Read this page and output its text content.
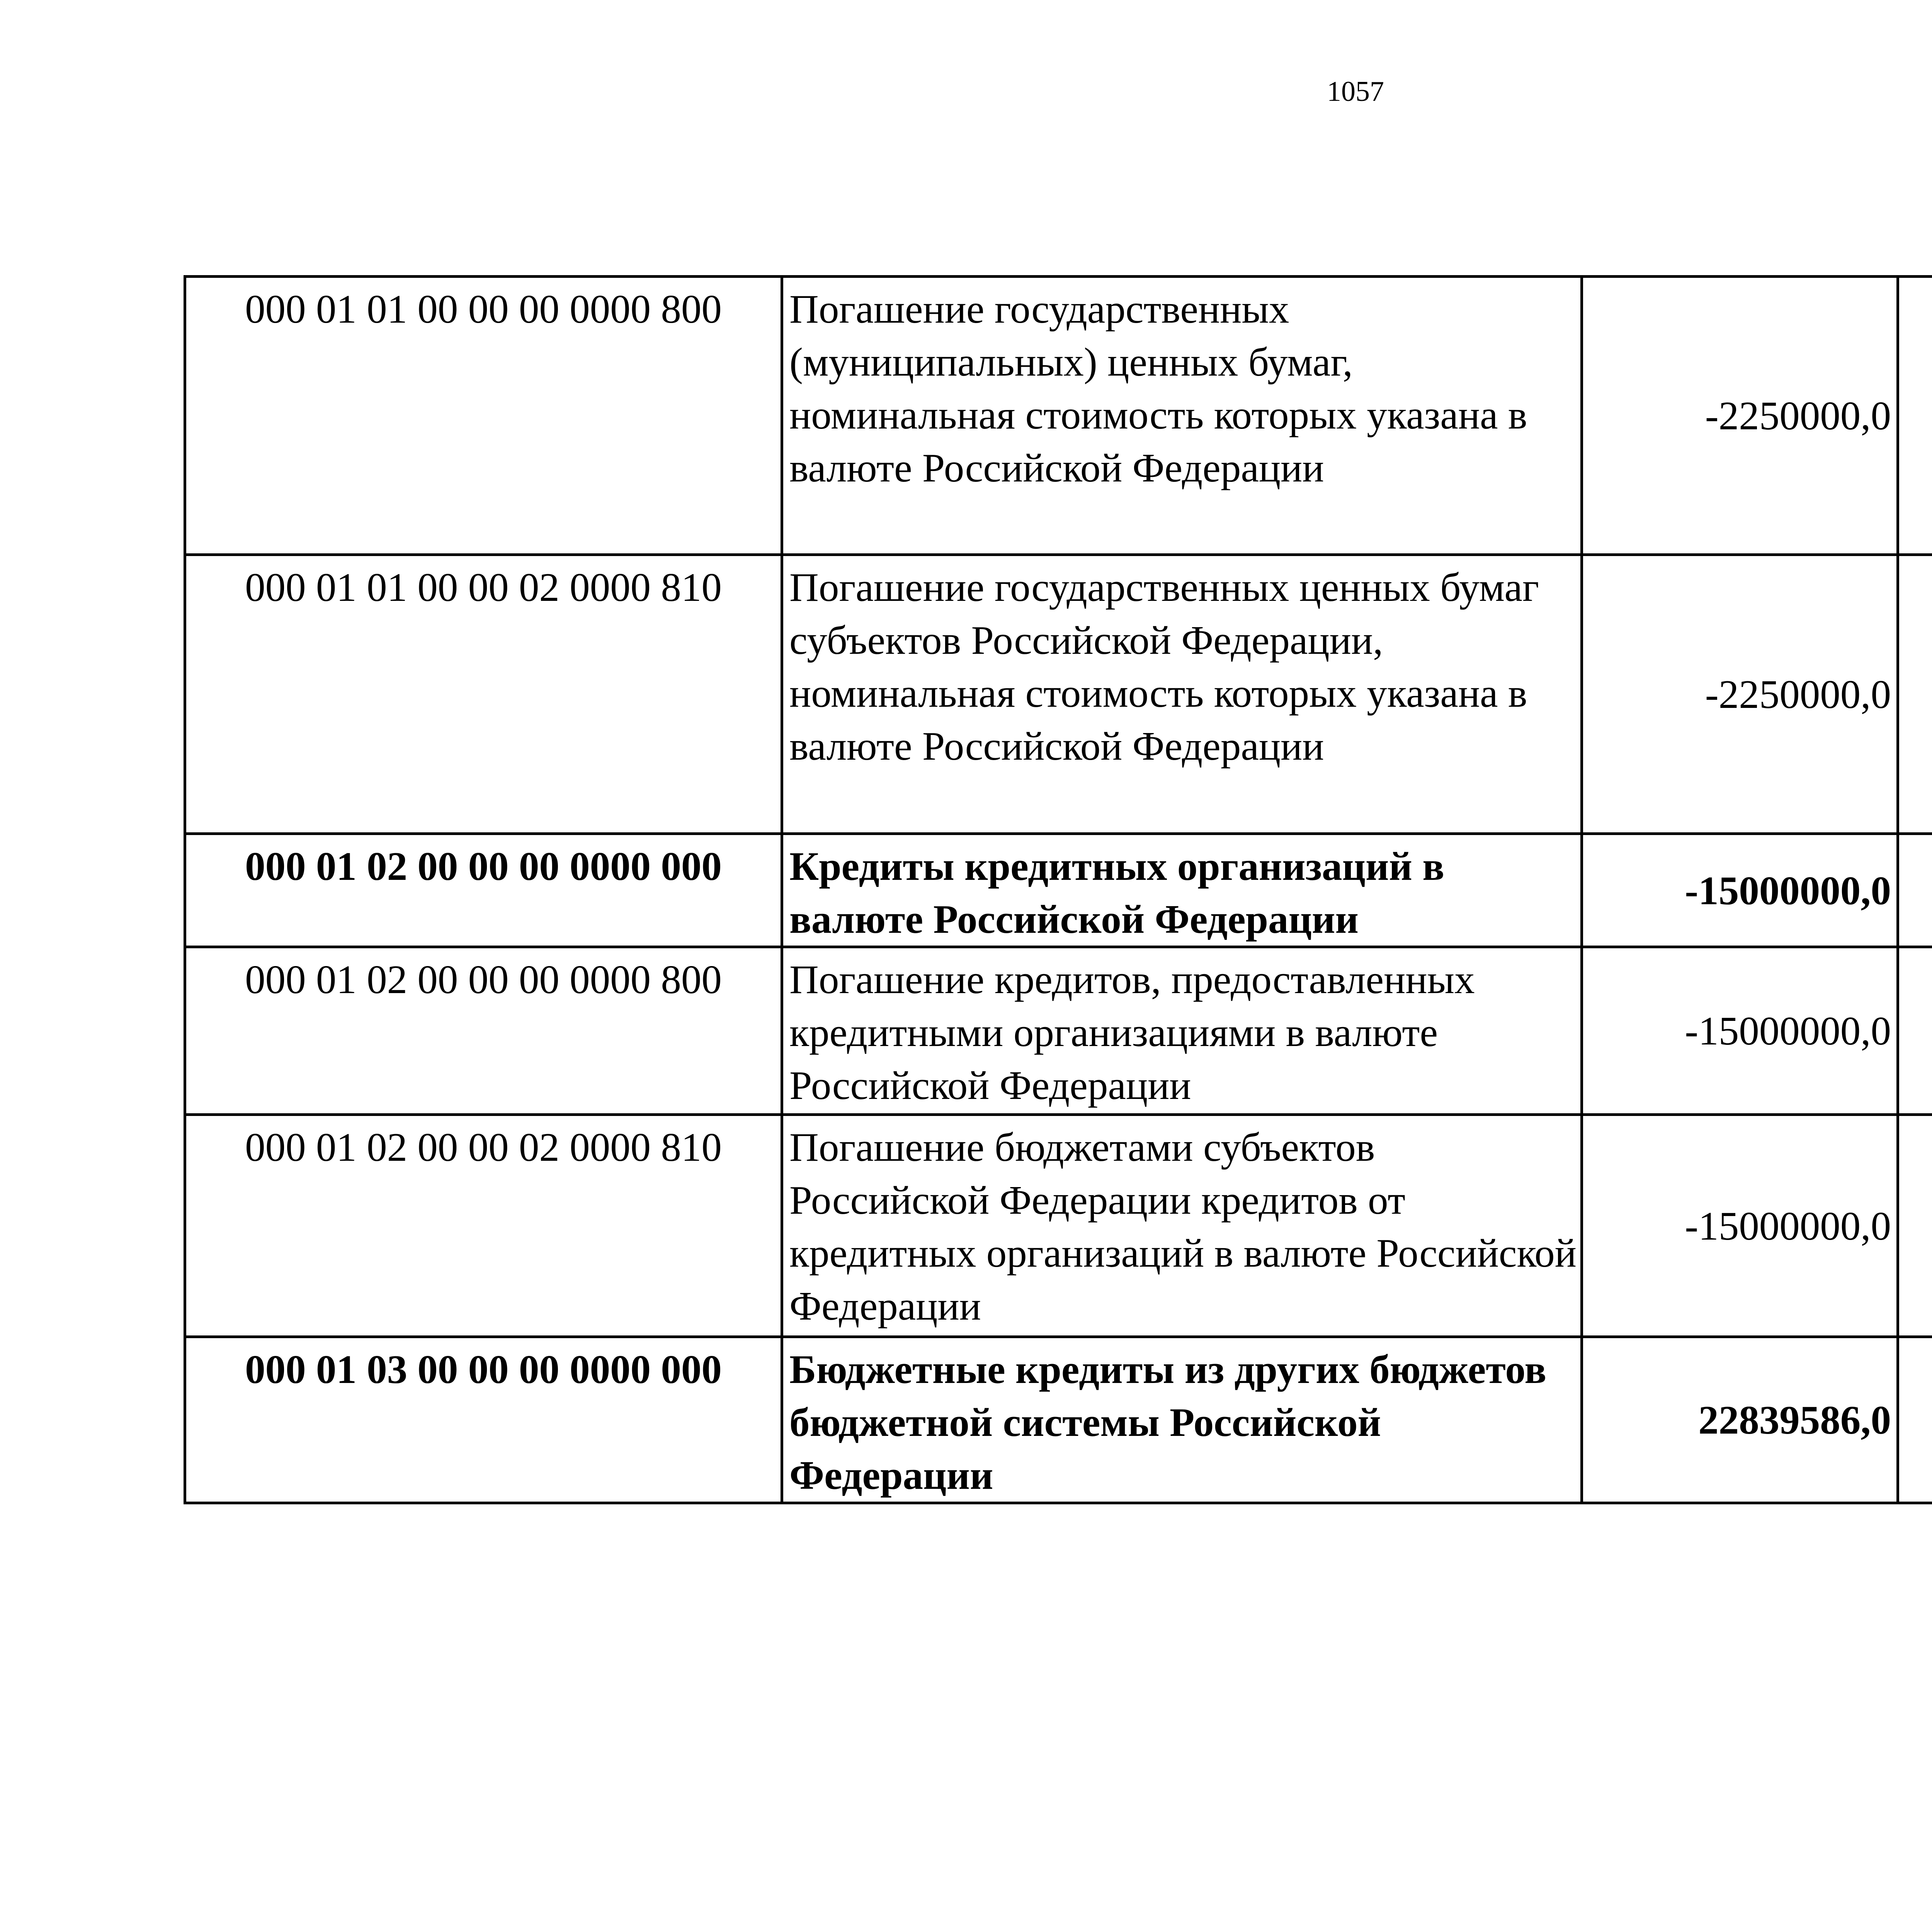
1057
000 01 01 00 00 00 0000 800	Погашение государственных (муниципальных) ценных бумаг, номинальная стоимость которых указана в валюте Российской Федерации	-2250000,0		
000 01 01 00 00 02 0000 810	Погашение государственных ценных бумаг субъектов Российской Федерации, номинальная стоимость которых указана в валюте Российской Федерации	-2250000,0		
000 01 02 00 00 00 0000 000	Кредиты кредитных организаций в валюте Российской Федерации	-15000000,0		
000 01 02 00 00 00 0000 800	Погашение кредитов, предоставленных кредитными организациями в валюте Российской Федерации	-15000000,0		
000 01 02 00 00 02 0000 810	Погашение бюджетами субъектов Российской Федерации кредитов от кредитных организаций в валюте Российской Федерации	-15000000,0		
000 01 03 00 00 00 0000 000	Бюджетные кредиты из других бюджетов бюджетной системы Российской Федерации	22839586,0		
